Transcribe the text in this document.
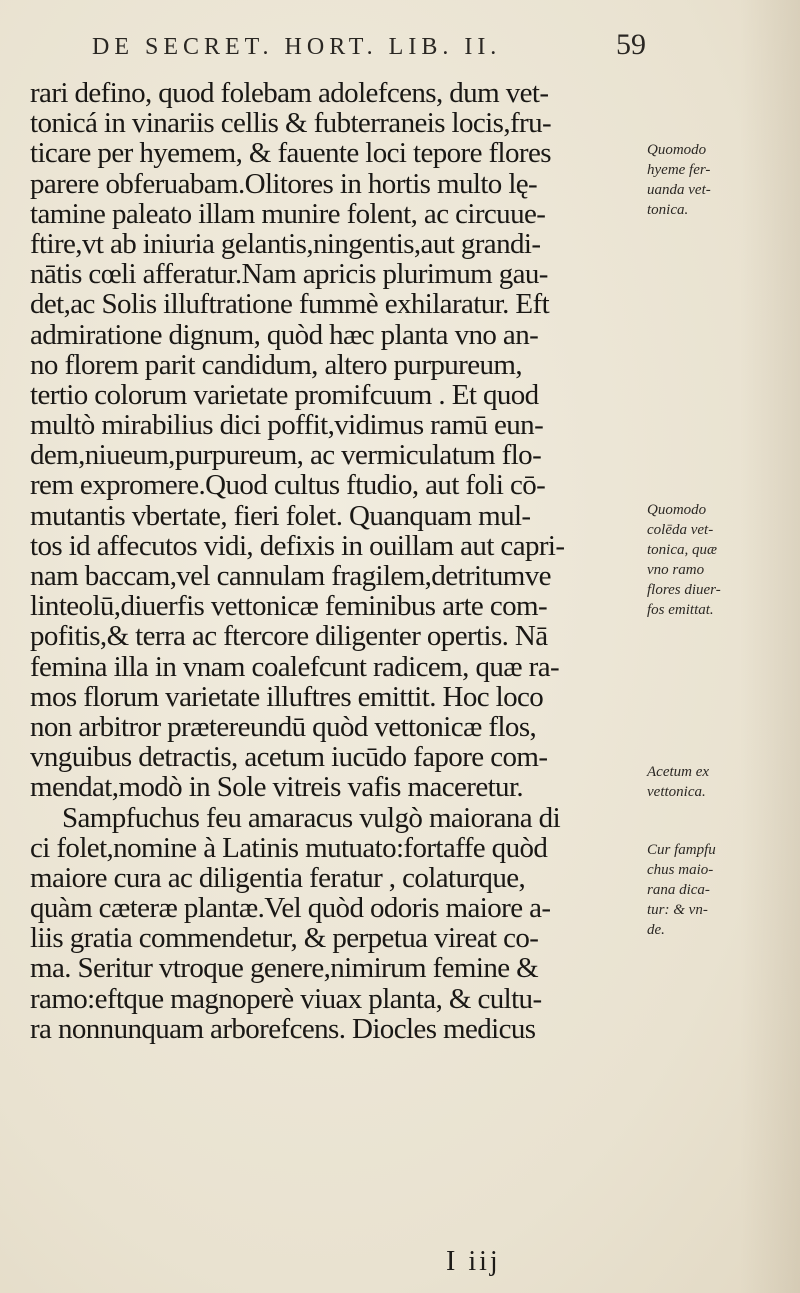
DE SECRET. HORT. LIB. II.	59
rari defino, quod folebam adolefcens, dum vet-
tonicá in vinariis cellis & fubterraneis locis,fru-
ticare per hyemem, & fauente loci tepore flores
parere obferuabam.Olitores in hortis multo lę-
tamine paleato illam munire folent, ac circuue-
ftire,vt ab iniuria gelantis,ningentis,aut grandi-
nātis cœli afferatur.Nam apricis plurimum gau-
det,ac Solis illuftratione fummè exhilaratur. Eft
admiratione dignum, quòd hæc planta vno an-
no florem parit candidum, altero purpureum,
tertio colorum varietate promifcuum . Et quod
multò mirabilius dici poffit,vidimus ramū eun-
dem,niueum,purpureum, ac vermiculatum flo-
rem expromere.Quod cultus ftudio, aut foli cō-
mutantis vbertate, fieri folet. Quanquam mul-
tos id affecutos vidi, defixis in ouillam aut capri-
nam baccam,vel cannulam fragilem,detritumve
linteolū,diuerfis vettonicæ feminibus arte com-
pofitis,& terra ac ftercore diligenter opertis. Nā
femina illa in vnam coalefcunt radicem, quæ ra-
mos florum varietate illuftres emittit. Hoc loco
non arbitror prætereundū quòd vettonicæ flos,
vnguibus detractis, acetum iucūdo fapore com-
mendat,modò in Sole vitreis vafis maceretur.
Sampfuchus feu amaracus vulgò maiorana di
ci folet,nomine à Latinis mutuato:fortaffe quòd
maiore cura ac diligentia feratur , colaturque,
quàm cæteræ plantæ.Vel quòd odoris maiore a-
liis gratia commendetur, & perpetua vireat co-
ma. Seritur vtroque genere,nimirum femine &
ramo:eftque magnoperè viuax planta, & cultu-
ra nonnunquam arborefcens. Diocles medicus
Quomodo
hyeme fer-
uanda vet-
tonica.
Quomodo
colēda vet-
tonica, quæ
vno ramo
flores diuer-
fos emittat.
Acetum ex
vettonica.
Cur fampfu
chus maio-
rana dica-
tur: & vn-
de.
I iij
